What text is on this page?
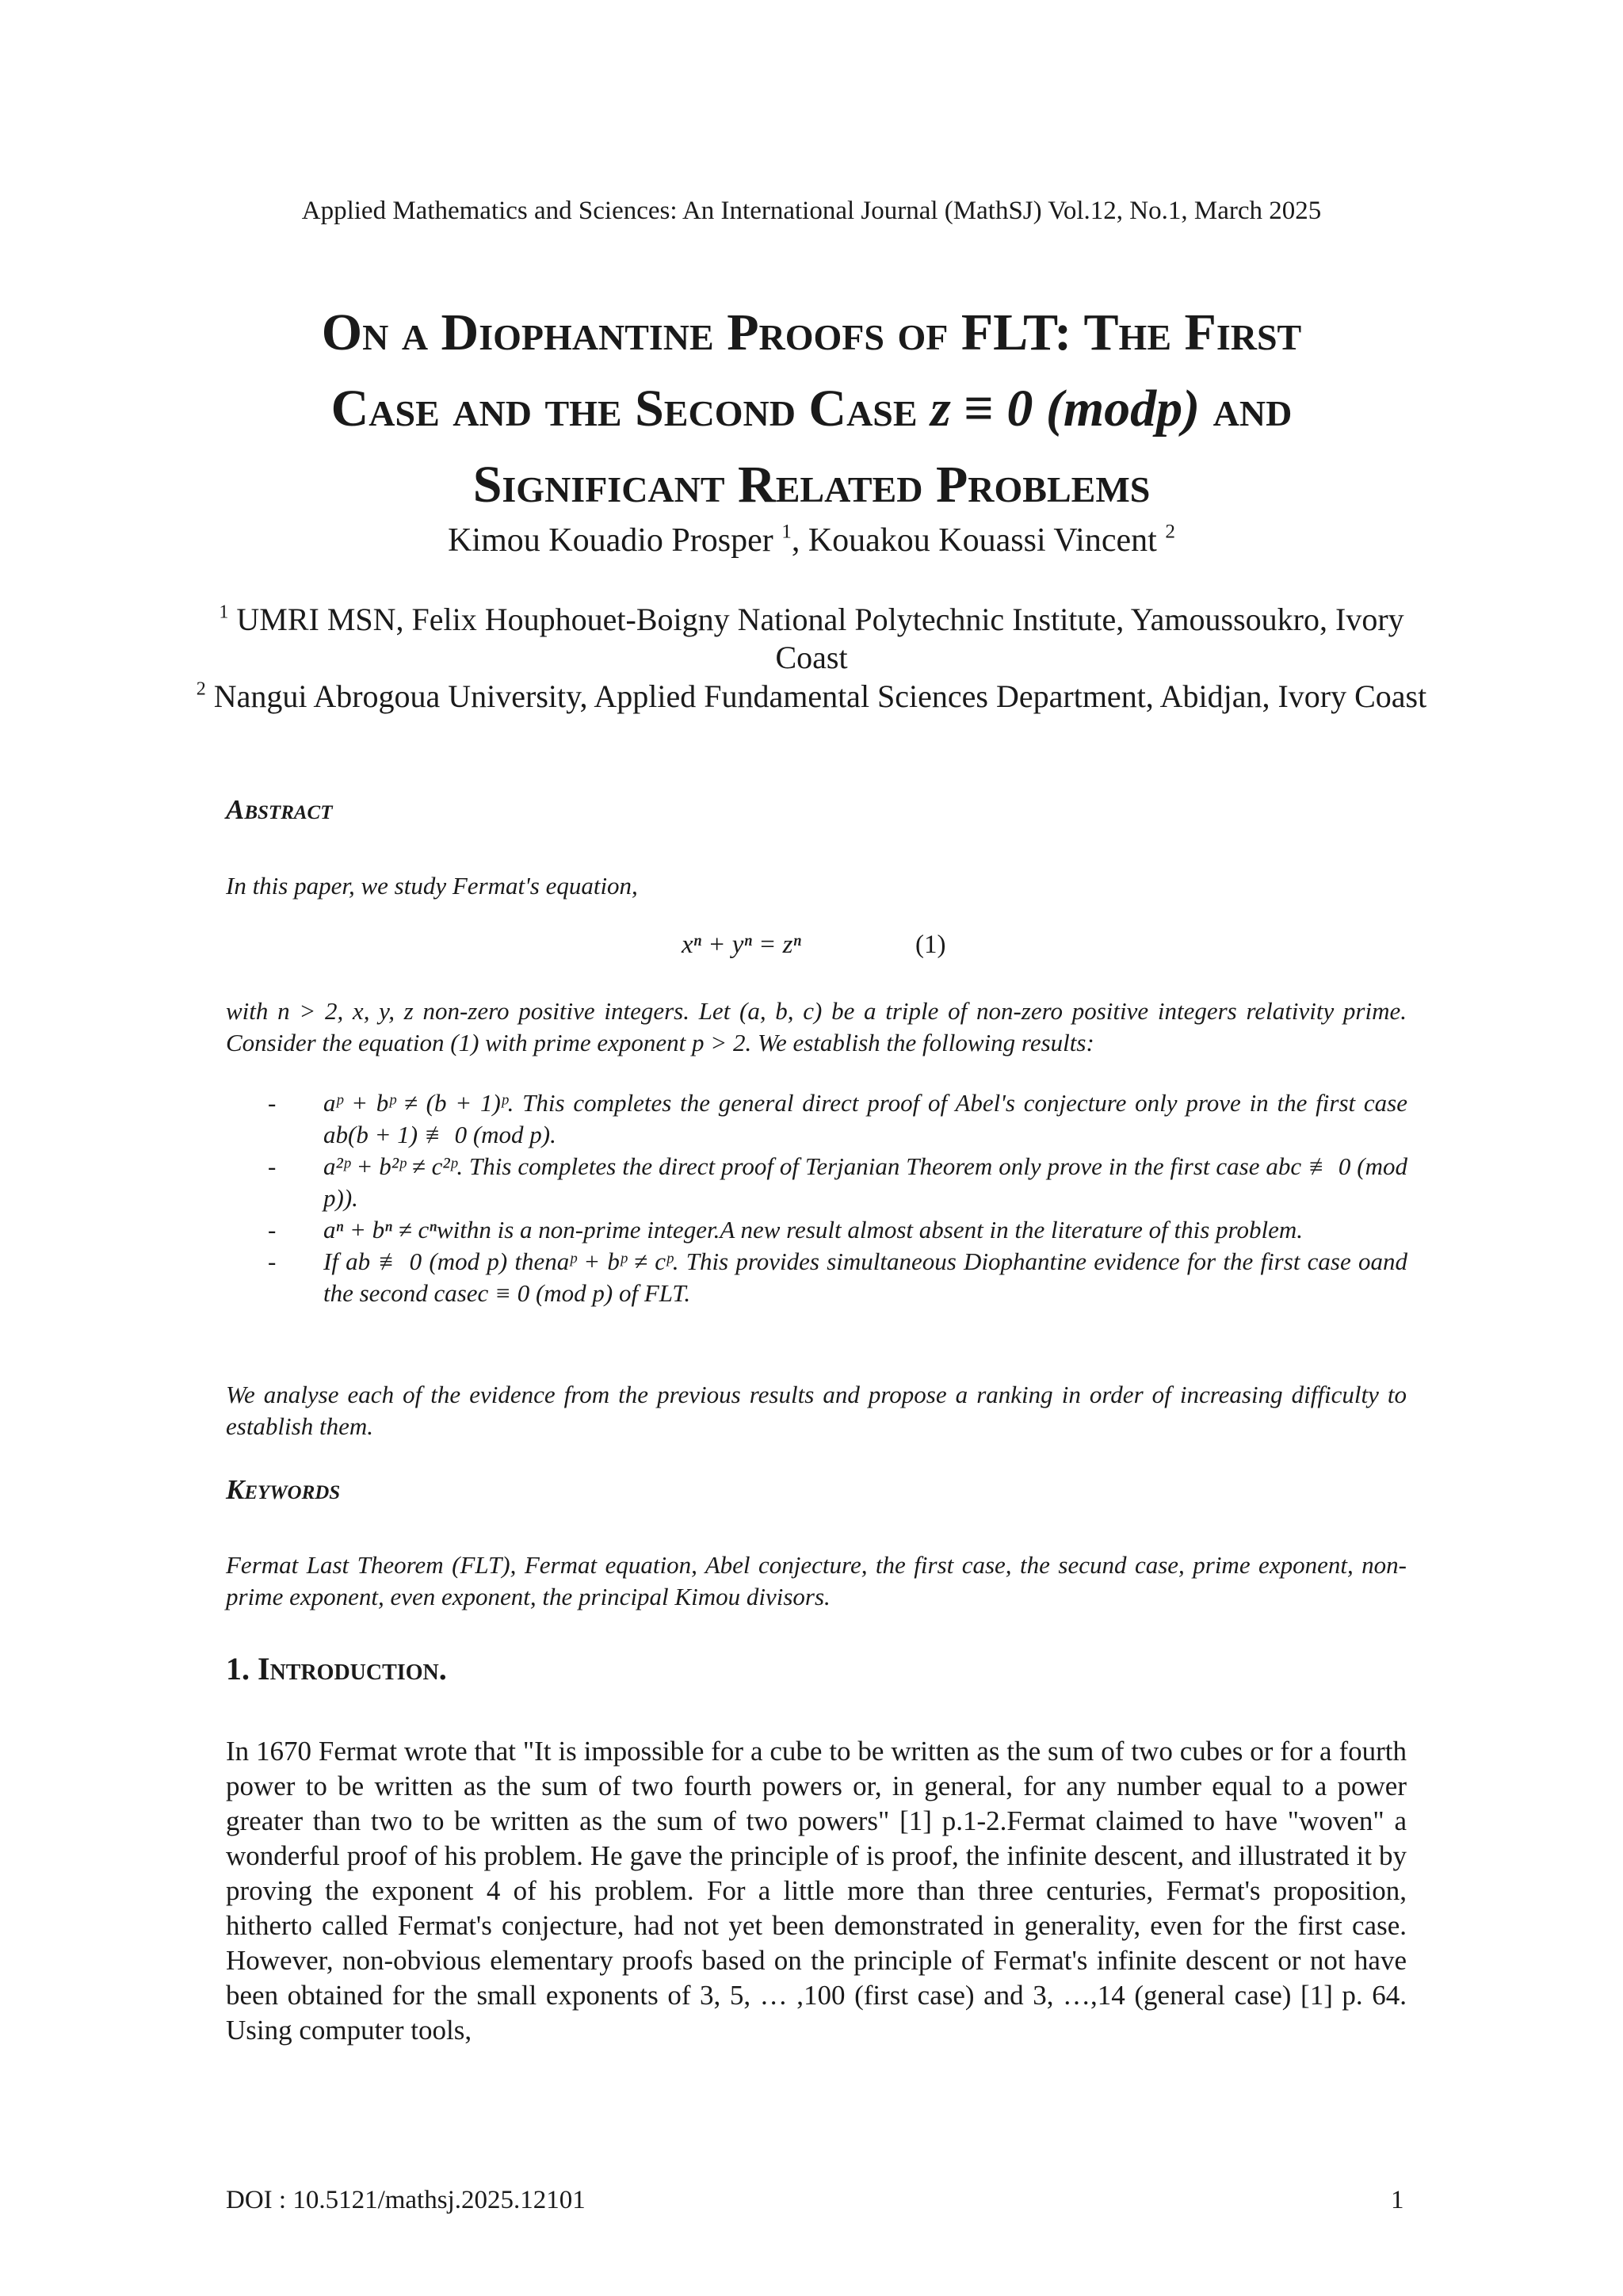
Applied Mathematics and Sciences: An International Journal (MathSJ) Vol.12, No.1, March 2025
On a Diophantine Proofs of FLT: The First
Case and the Second Case z ≡ 0 (modp) and
Significant Related Problems
Kimou Kouadio Prosper $^1$, Kouakou Kouassi Vincent $^2$
$^1$ UMRI MSN, Felix Houphouet-Boigny National Polytechnic Institute, Yamoussoukro, Ivory Coast
$^2$ Nangui Abrogoua University, Applied Fundamental Sciences Department, Abidjan, Ivory Coast
Abstract
In this paper, we study Fermat's equation,
xⁿ + yⁿ = zⁿ	(1)
with n > 2, x, y, z non-zero positive integers. Let (a, b, c) be a triple of non-zero positive integers relativity prime. Consider the equation (1) with prime exponent p > 2. We establish the following results:
- aᵖ + bᵖ ≠ (b + 1)ᵖ. This completes the general direct proof of Abel's conjecture only prove in the first case ab(b + 1) ≢ 0 (mod p).
- a²ᵖ + b²ᵖ ≠ c²ᵖ. This completes the direct proof of Terjanian Theorem only prove in the first case abc ≢ 0 (mod p)).
- aⁿ + bⁿ ≠ cⁿwithn is a non-prime integer.A new result almost absent in the literature of this problem.
- If ab ≢ 0 (mod p) thenaᵖ + bᵖ ≠ cᵖ. This provides simultaneous Diophantine evidence for the first case oand the second casec ≡ 0 (mod p) of FLT.
We analyse each of the evidence from the previous results and propose a ranking in order of increasing difficulty to establish them.
Keywords
Fermat Last Theorem (FLT), Fermat equation, Abel conjecture, the first case, the secund case, prime exponent, non-prime exponent, even exponent, the principal Kimou divisors.
1. Introduction.
In 1670 Fermat wrote that "It is impossible for a cube to be written as the sum of two cubes or for a fourth power to be written as the sum of two fourth powers or, in general, for any number equal to a power greater than two to be written as the sum of two powers" [1] p.1-2.Fermat claimed to have "woven" a wonderful proof of his problem. He gave the principle of is proof, the infinite descent, and illustrated it by proving the exponent 4 of his problem. For a little more than three centuries, Fermat's proposition, hitherto called Fermat's conjecture, had not yet been demonstrated in generality, even for the first case. However, non-obvious elementary proofs based on the principle of Fermat's infinite descent or not have been obtained for the small exponents of 3, 5, … ,100 (first case) and 3, …,14 (general case) [1] p. 64. Using computer tools,
DOI : 10.5121/mathsj.2025.12101	1
